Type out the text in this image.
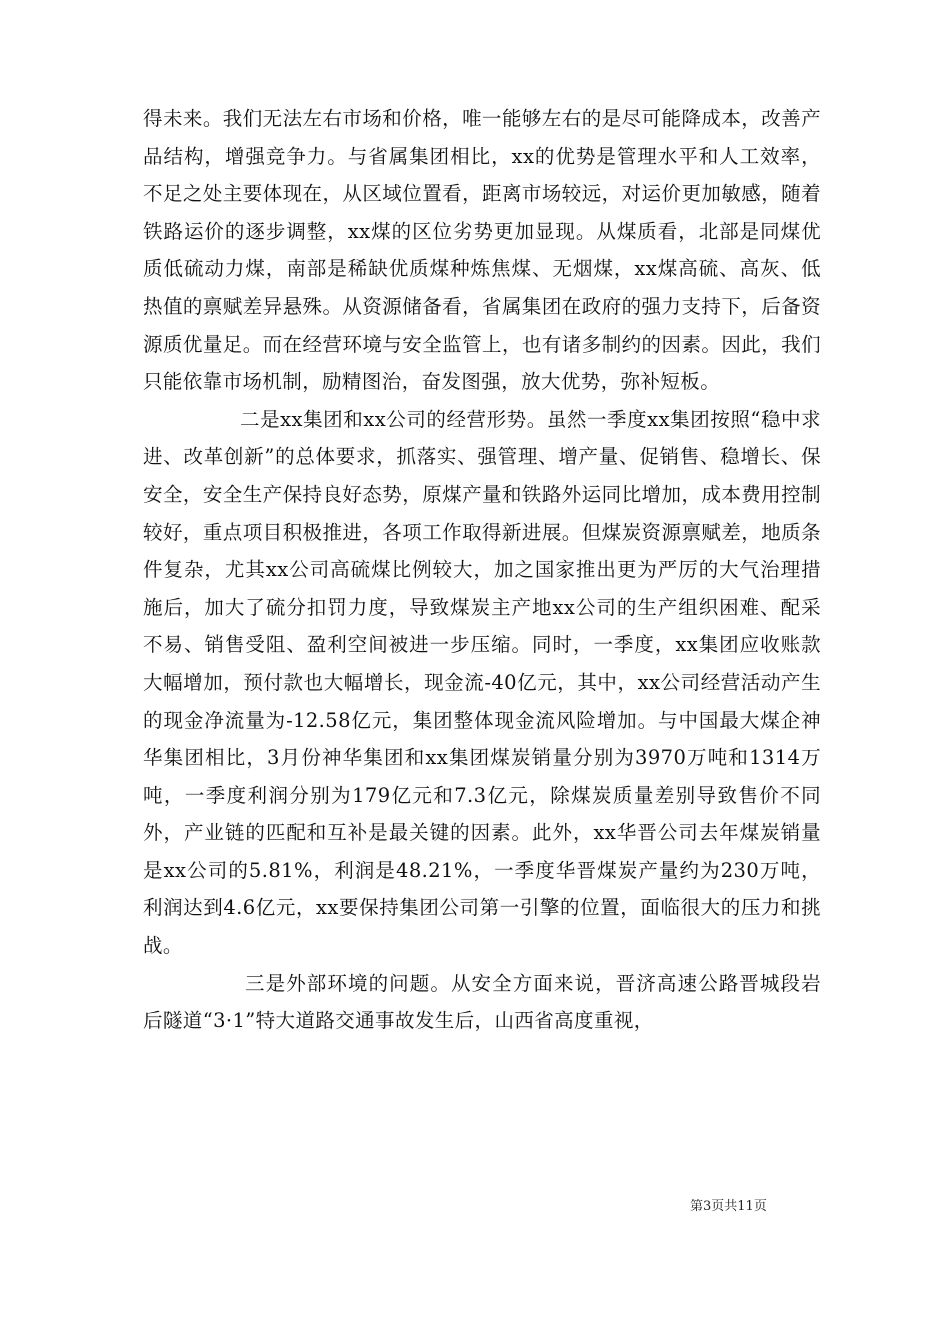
得未来。我们无法左右市场和价格，唯一能够左右的是尽可能降成本，改善产品结构，增强竞争力。与省属集团相比，xx的优势是管理水平和人工效率，不足之处主要体现在，从区域位置看，距离市场较远，对运价更加敏感，随着铁路运价的逐步调整，xx煤的区位劣势更加显现。从煤质看，北部是同煤优质低硫动力煤，南部是稀缺优质煤种炼焦煤、无烟煤，xx煤高硫、高灰、低热值的禀赋差异悬殊。从资源储备看，省属集团在政府的强力支持下，后备资源质优量足。而在经营环境与安全监管上，也有诸多制约的因素。因此，我们只能依靠市场机制，励精图治，奋发图强，放大优势，弥补短板。

二是xx集团和xx公司的经营形势。虽然一季度xx集团按照“稳中求进、改革创新”的总体要求，抓落实、强管理、增产量、促销售、稳增长、保安全，安全生产保持良好态势，原煤产量和铁路外运同比增加，成本费用控制较好，重点项目积极推进，各项工作取得新进展。但煤炭资源禀赋差，地质条件复杂，尤其xx公司高硫煤比例较大，加之国家推出更为严厉的大气治理措施后，加大了硫分扣罚力度，导致煤炭主产地xx公司的生产组织困难、配采不易、销售受阻、盈利空间被进一步压缩。同时，一季度，xx集团应收账款大幅增加，预付款也大幅增长，现金流-40亿元，其中，xx公司经营活动产生的现金净流量为-12.58亿元，集团整体现金流风险增加。与中国最大煤企神华集团相比，3月份神华集团和xx集团煤炭销量分别为3970万吨和1314万吨，一季度利润分别为179亿元和7.3亿元，除煤炭质量差别导致售价不同外，产业链的匹配和互补是最关键的因素。此外，xx华晋公司去年煤炭销量是xx公司的5.81%，利润是48.21%，一季度华晋煤炭产量约为230万吨，利润达到4.6亿元，xx要保持集团公司第一引擎的位置，面临很大的压力和挑战。

三是外部环境的问题。从安全方面来说，晋济高速公路晋城段岩后隧道“3·1”特大道路交通事故发生后，山西省高度重视，

第3页共11页
